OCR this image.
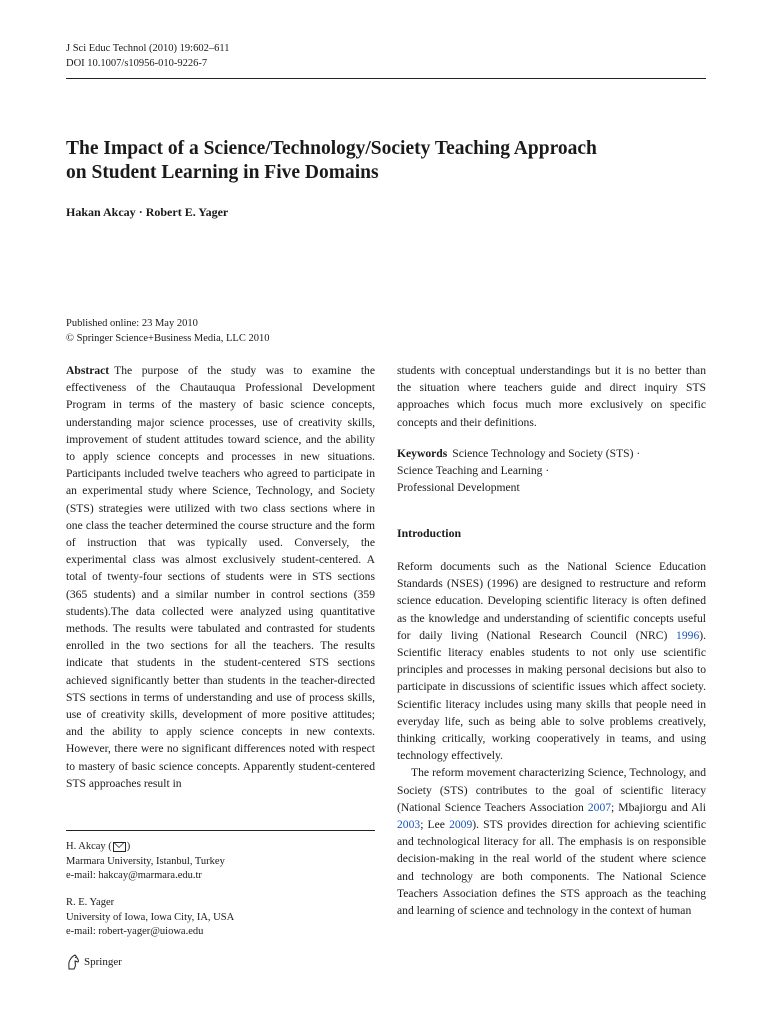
J Sci Educ Technol (2010) 19:602–611
DOI 10.1007/s10956-010-9226-7
The Impact of a Science/Technology/Society Teaching Approach
on Student Learning in Five Domains
Hakan Akcay · Robert E. Yager
Published online: 23 May 2010
© Springer Science+Business Media, LLC 2010

Abstract The purpose of the study was to examine the effectiveness of the Chautauqua Professional Development Program in terms of the mastery of basic science concepts, understanding major science processes, use of creativity skills, improvement of student attitudes toward science, and the ability to apply science concepts and processes in new situations. Participants included twelve teachers who agreed to participate in an experimental study where Science, Technology, and Society (STS) strategies were utilized with two class sections where in one class the teacher determined the course structure and the form of instruction that was typically used. Conversely, the experimental class was almost exclusively student-centered. A total of twenty-four sections of students were in STS sections (365 students) and a similar number in control sections (359 students).The data collected were analyzed using quantitative methods. The results were tabulated and contrasted for students enrolled in the two sections for all the teachers. The results indicate that students in the student-centered STS sections achieved significantly better than students in the teacher-directed STS sections in terms of understanding and use of process skills, use of creativity skills, development of more positive attitudes; and the ability to apply science concepts in new contexts. However, there were no significant differences noted with respect to mastery of basic science concepts. Apparently student-centered STS approaches result in

H. Akcay ( )
Marmara University, Istanbul, Turkey
e-mail: hakcay@marmara.edu.tr
R. E. Yager
University of Iowa, Iowa City, IA, USA
e-mail: robert-yager@uiowa.edu

students with conceptual understandings but it is no better than the situation where teachers guide and direct inquiry STS approaches which focus much more exclusively on specific concepts and their definitions.

Keywords Science Technology and Society (STS) ·
Science Teaching and Learning ·
Professional Development
Introduction

Reform documents such as the National Science Education Standards (NSES) (1996) are designed to restructure and reform science education. Developing scientific literacy is often defined as the knowledge and understanding of scientific concepts useful for daily living (National Research Council (NRC) 1996). Scientific literacy enables students to not only use scientific principles and processes in making personal decisions but also to participate in discussions of scientific issues which affect society. Scientific literacy includes using many skills that people need in everyday life, such as being able to solve problems creatively, thinking critically, working cooperatively in teams, and using technology effectively.

The reform movement characterizing Science, Technology, and Society (STS) contributes to the goal of scientific literacy (National Science Teachers Association 2007; Mbajiorgu and Ali 2003; Lee 2009). STS provides direction for achieving scientific and technological literacy for all. The emphasis is on responsible decision-making in the real world of the student where science and technology are both components. The National Science Teachers Association defines the STS approach as the teaching and learning of science and technology in the context of human

Springer
